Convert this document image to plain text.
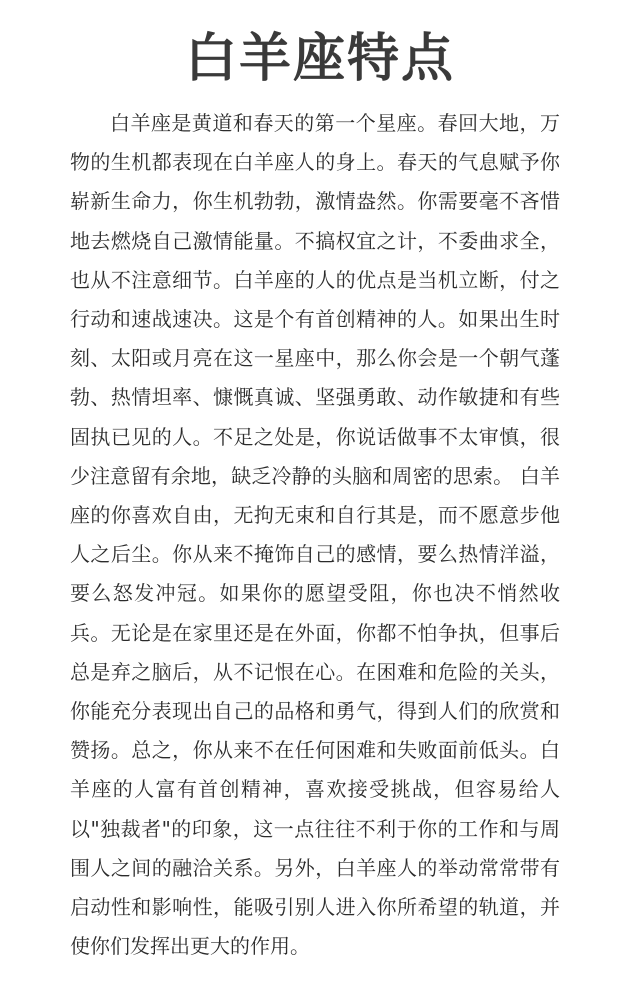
白羊座特点

白羊座是黄道和春天的第一个星座。春回大地，万物的生机都表现在白羊座人的身上。春天的气息赋予你崭新生命力，你生机勃勃，激情盎然。你需要毫不吝惜地去燃烧自己激情能量。不搞权宜之计，不委曲求全，也从不注意细节。白羊座的人的优点是当机立断，付之行动和速战速决。这是个有首创精神的人。如果出生时刻、太阳或月亮在这一星座中，那么你会是一个朝气蓬勃、热情坦率、慷慨真诚、坚强勇敢、动作敏捷和有些固执已见的人。不足之处是，你说话做事不太审慎，很少注意留有余地，缺乏冷静的头脑和周密的思索。 白羊座的你喜欢自由，无拘无束和自行其是，而不愿意步他人之后尘。你从来不掩饰自己的感情，要么热情洋溢，要么怒发冲冠。如果你的愿望受阻，你也决不悄然收兵。无论是在家里还是在外面，你都不怕争执，但事后总是弃之脑后，从不记恨在心。在困难和危险的关头，你能充分表现出自己的品格和勇气，得到人们的欣赏和赞扬。总之，你从来不在任何困难和失败面前低头。白羊座的人富有首创精神，喜欢接受挑战，但容易给人以"独裁者"的印象，这一点往往不利于你的工作和与周围人之间的融洽关系。另外，白羊座人的举动常常带有启动性和影响性，能吸引别人进入你所希望的轨道，并使你们发挥出更大的作用。
